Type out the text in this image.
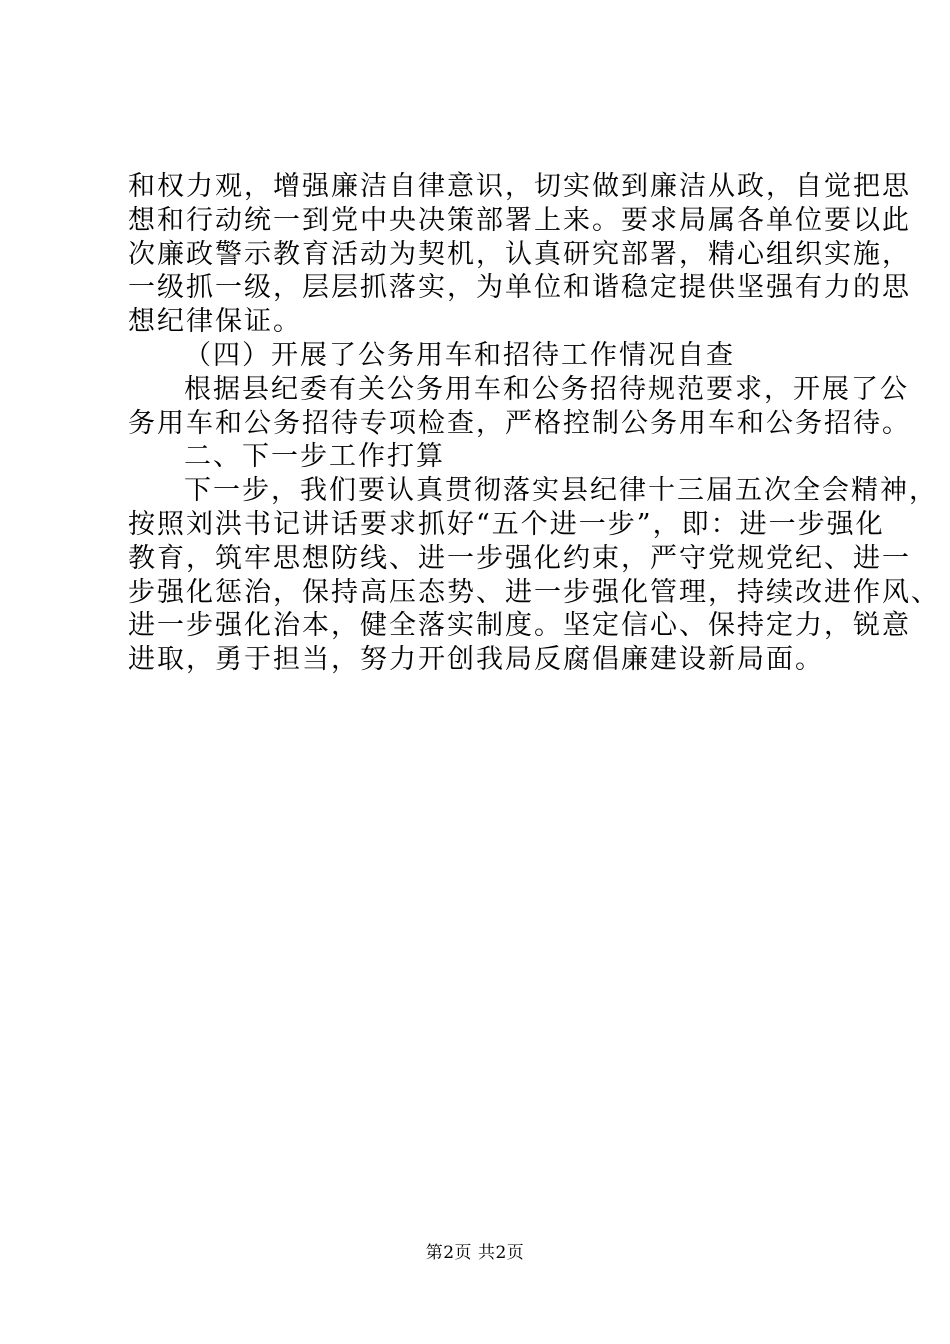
和权力观，增强廉洁自律意识，切实做到廉洁从政，自觉把思
想和行动统一到党中央决策部署上来。要求局属各单位要以此
次廉政警示教育活动为契机，认真研究部署，精心组织实施，
一级抓一级，层层抓落实，为单位和谐稳定提供坚强有力的思
想纪律保证。
（四）开展了公务用车和招待工作情况自查
根据县纪委有关公务用车和公务招待规范要求，开展了公
务用车和公务招待专项检查，严格控制公务用车和公务招待。
二、下一步工作打算
下一步，我们要认真贯彻落实县纪律十三届五次全会精神，
按照刘洪书记讲话要求抓好“五个进一步”，即：进一步强化
教育，筑牢思想防线、进一步强化约束，严守党规党纪、进一
步强化惩治，保持高压态势、进一步强化管理，持续改进作风、
进一步强化治本，健全落实制度。坚定信心、保持定力，锐意
进取，勇于担当，努力开创我局反腐倡廉建设新局面。
第2页 共2页
